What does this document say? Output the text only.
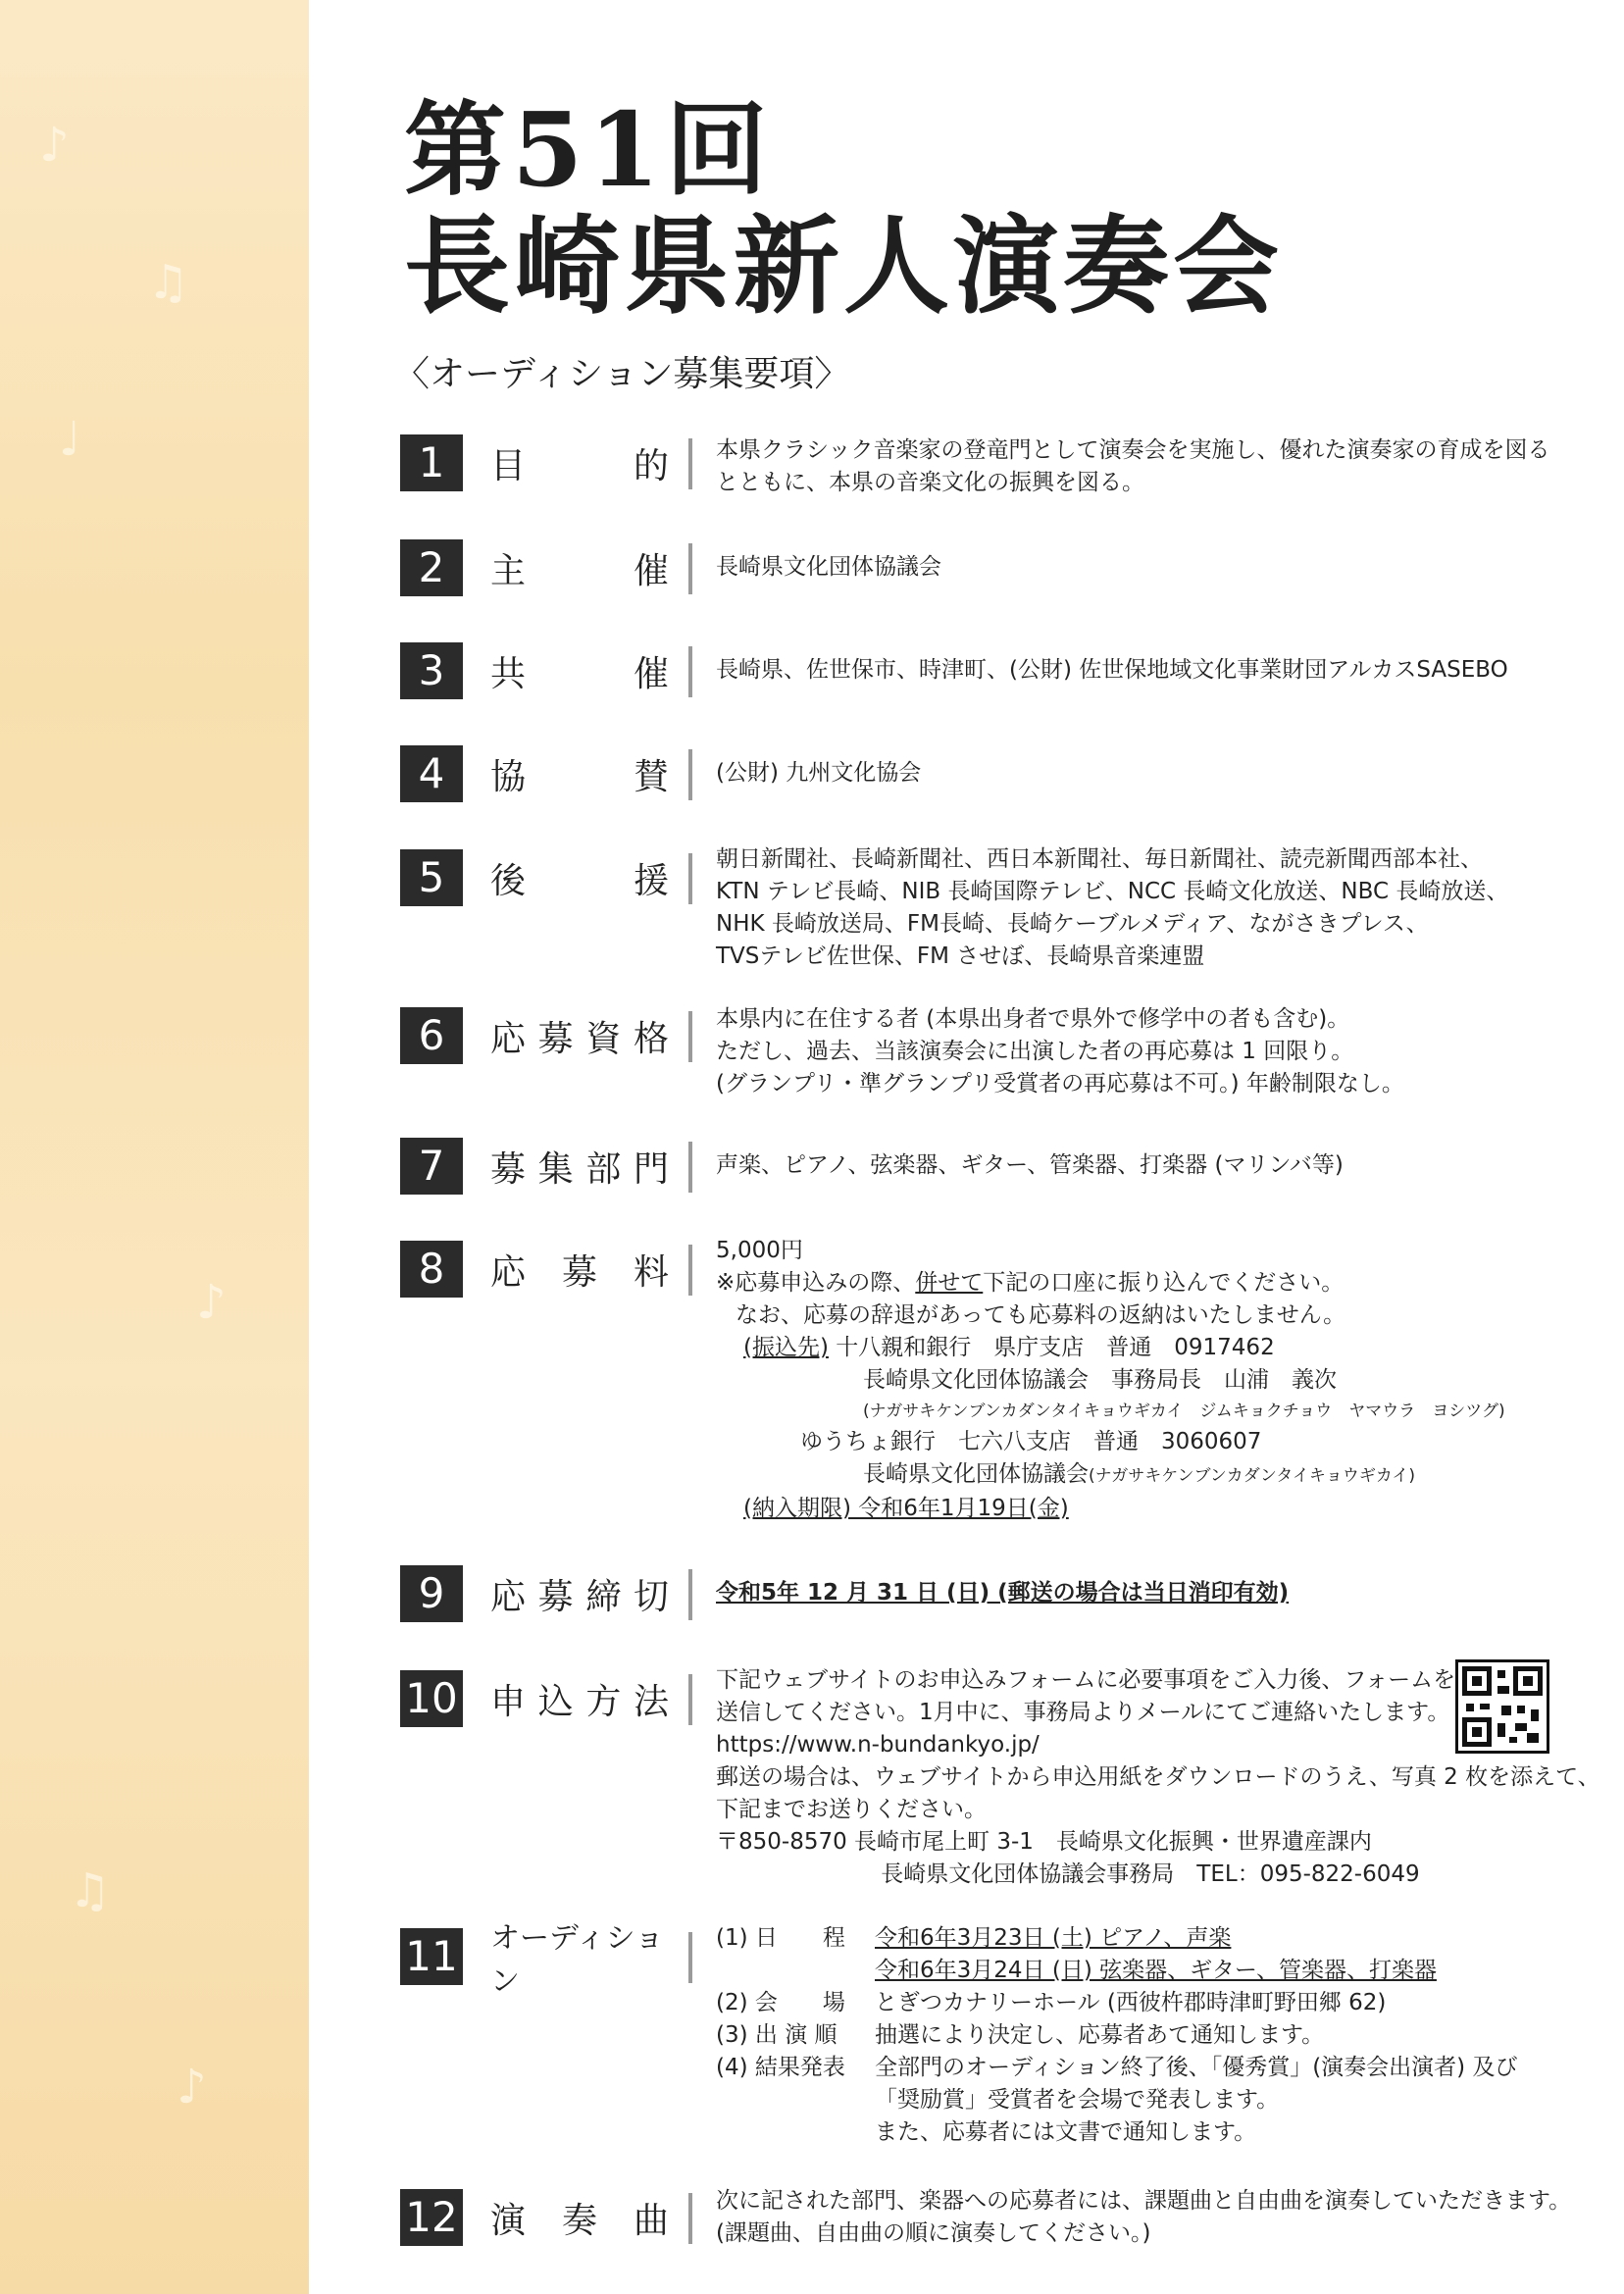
♪
♫
♩
♪
♫
♪
第51回
長崎県新人演奏会
〈オーディション募集要項〉
1	目	的 本県クラシック音楽家の登竜門として演奏会を実施し、優れた演奏家の育成を図る
とともに、本県の音楽文化の振興を図る。
2	主	催 長崎県文化団体協議会
3	共	催 長崎県、佐世保市、時津町、(公財) 佐世保地域文化事業財団アルカスSASEBO
4	協	賛 (公財) 九州文化協会
5	後	援
朝日新聞社、長崎新聞社、西日本新聞社、毎日新聞社、読売新聞西部本社、
KTN テレビ長崎、NIB 長崎国際テレビ、NCC 長崎文化放送、NBC 長崎放送、
NHK 長崎放送局、FM長崎、長崎ケーブルメディア、ながさきプレス、
TVSテレビ佐世保、FM させぼ、長崎県音楽連盟
6	応 募 資 格 本県内に在住する者 (本県出身者で県外で修学中の者も含む)。
ただし、過去、当該演奏会に出演した者の再応募は 1 回限り。
(グランプリ・準グランプリ受賞者の再応募は不可。) 年齢制限なし。
7	募 集 部 門 声楽、ピアノ、弦楽器、ギター、管楽器、打楽器 (マリンバ等)
8	応 募 料
5,000円
※応募申込みの際、併せて下記の口座に振り込んでください。
なお、応募の辞退があっても応募料の返納はいたしません。
(振込先) 十八親和銀行　県庁支店　普通　0917462
長崎県文化団体協議会　事務局長　山浦　義次
(ナガサキケンブンカダンタイキョウギカイ　ジムキョクチョウ　ヤマウラ　ヨシツグ)
ゆうちょ銀行　七六八支店　普通　3060607
長崎県文化団体協議会(ナガサキケンブンカダンタイキョウギカイ)
(納入期限) 令和6年1月19日(金)
9	応 募 締 切 令和5年 12 月 31 日 (日) (郵送の場合は当日消印有効)
10 申 込 方 法
下記ウェブサイトのお申込みフォームに必要事項をご入力後、フォームを
送信してください。1月中に、事務局よりメールにてご連絡いたします。
https://www.n-bundankyo.jp/
郵送の場合は、ウェブサイトから申込用紙をダウンロードのうえ、写真 2 枚を添えて、
下記までお送りください。
〒850-8570 長崎市尾上町 3-1　長崎県文化振興・世界遺産課内
　　　　　　　 長崎県文化団体協議会事務局　TEL：095-822-6049
11 オーディション
(1) 日　　程 令和6年3月23日 (土) ピアノ、声楽
令和6年3月24日 (日) 弦楽器、ギター、管楽器、打楽器
(2) 会　　場 とぎつカナリーホール (西彼杵郡時津町野田郷 62)
(3) 出 演 順 抽選により決定し、応募者あて通知します。
(4) 結果発表 全部門のオーディション終了後、「優秀賞」(演奏会出演者) 及び
「奨励賞」受賞者を会場で発表します。
また、応募者には文書で通知します。
12 演 奏 曲 次に記された部門、楽器への応募者には、課題曲と自由曲を演奏していただきます。
(課題曲、自由曲の順に演奏してください。)
